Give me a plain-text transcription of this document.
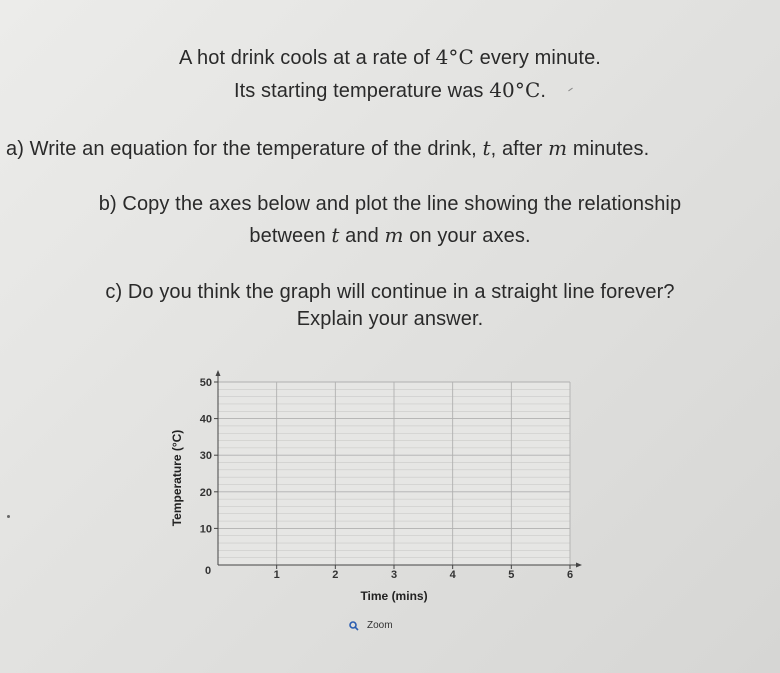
A hot drink cools at a rate of 4°C every minute.
Its starting temperature was 40°C.
a) Write an equation for the temperature of the drink, t, after m minutes.
b) Copy the axes below and plot the line showing the relationship
between t and m on your axes.
c) Do you think the graph will continue in a straight line forever?
Explain your answer.
1	2	3	4	5	6
10
20
30
40
50
0
Time (mins)
Temperature (°C)
Zoom
